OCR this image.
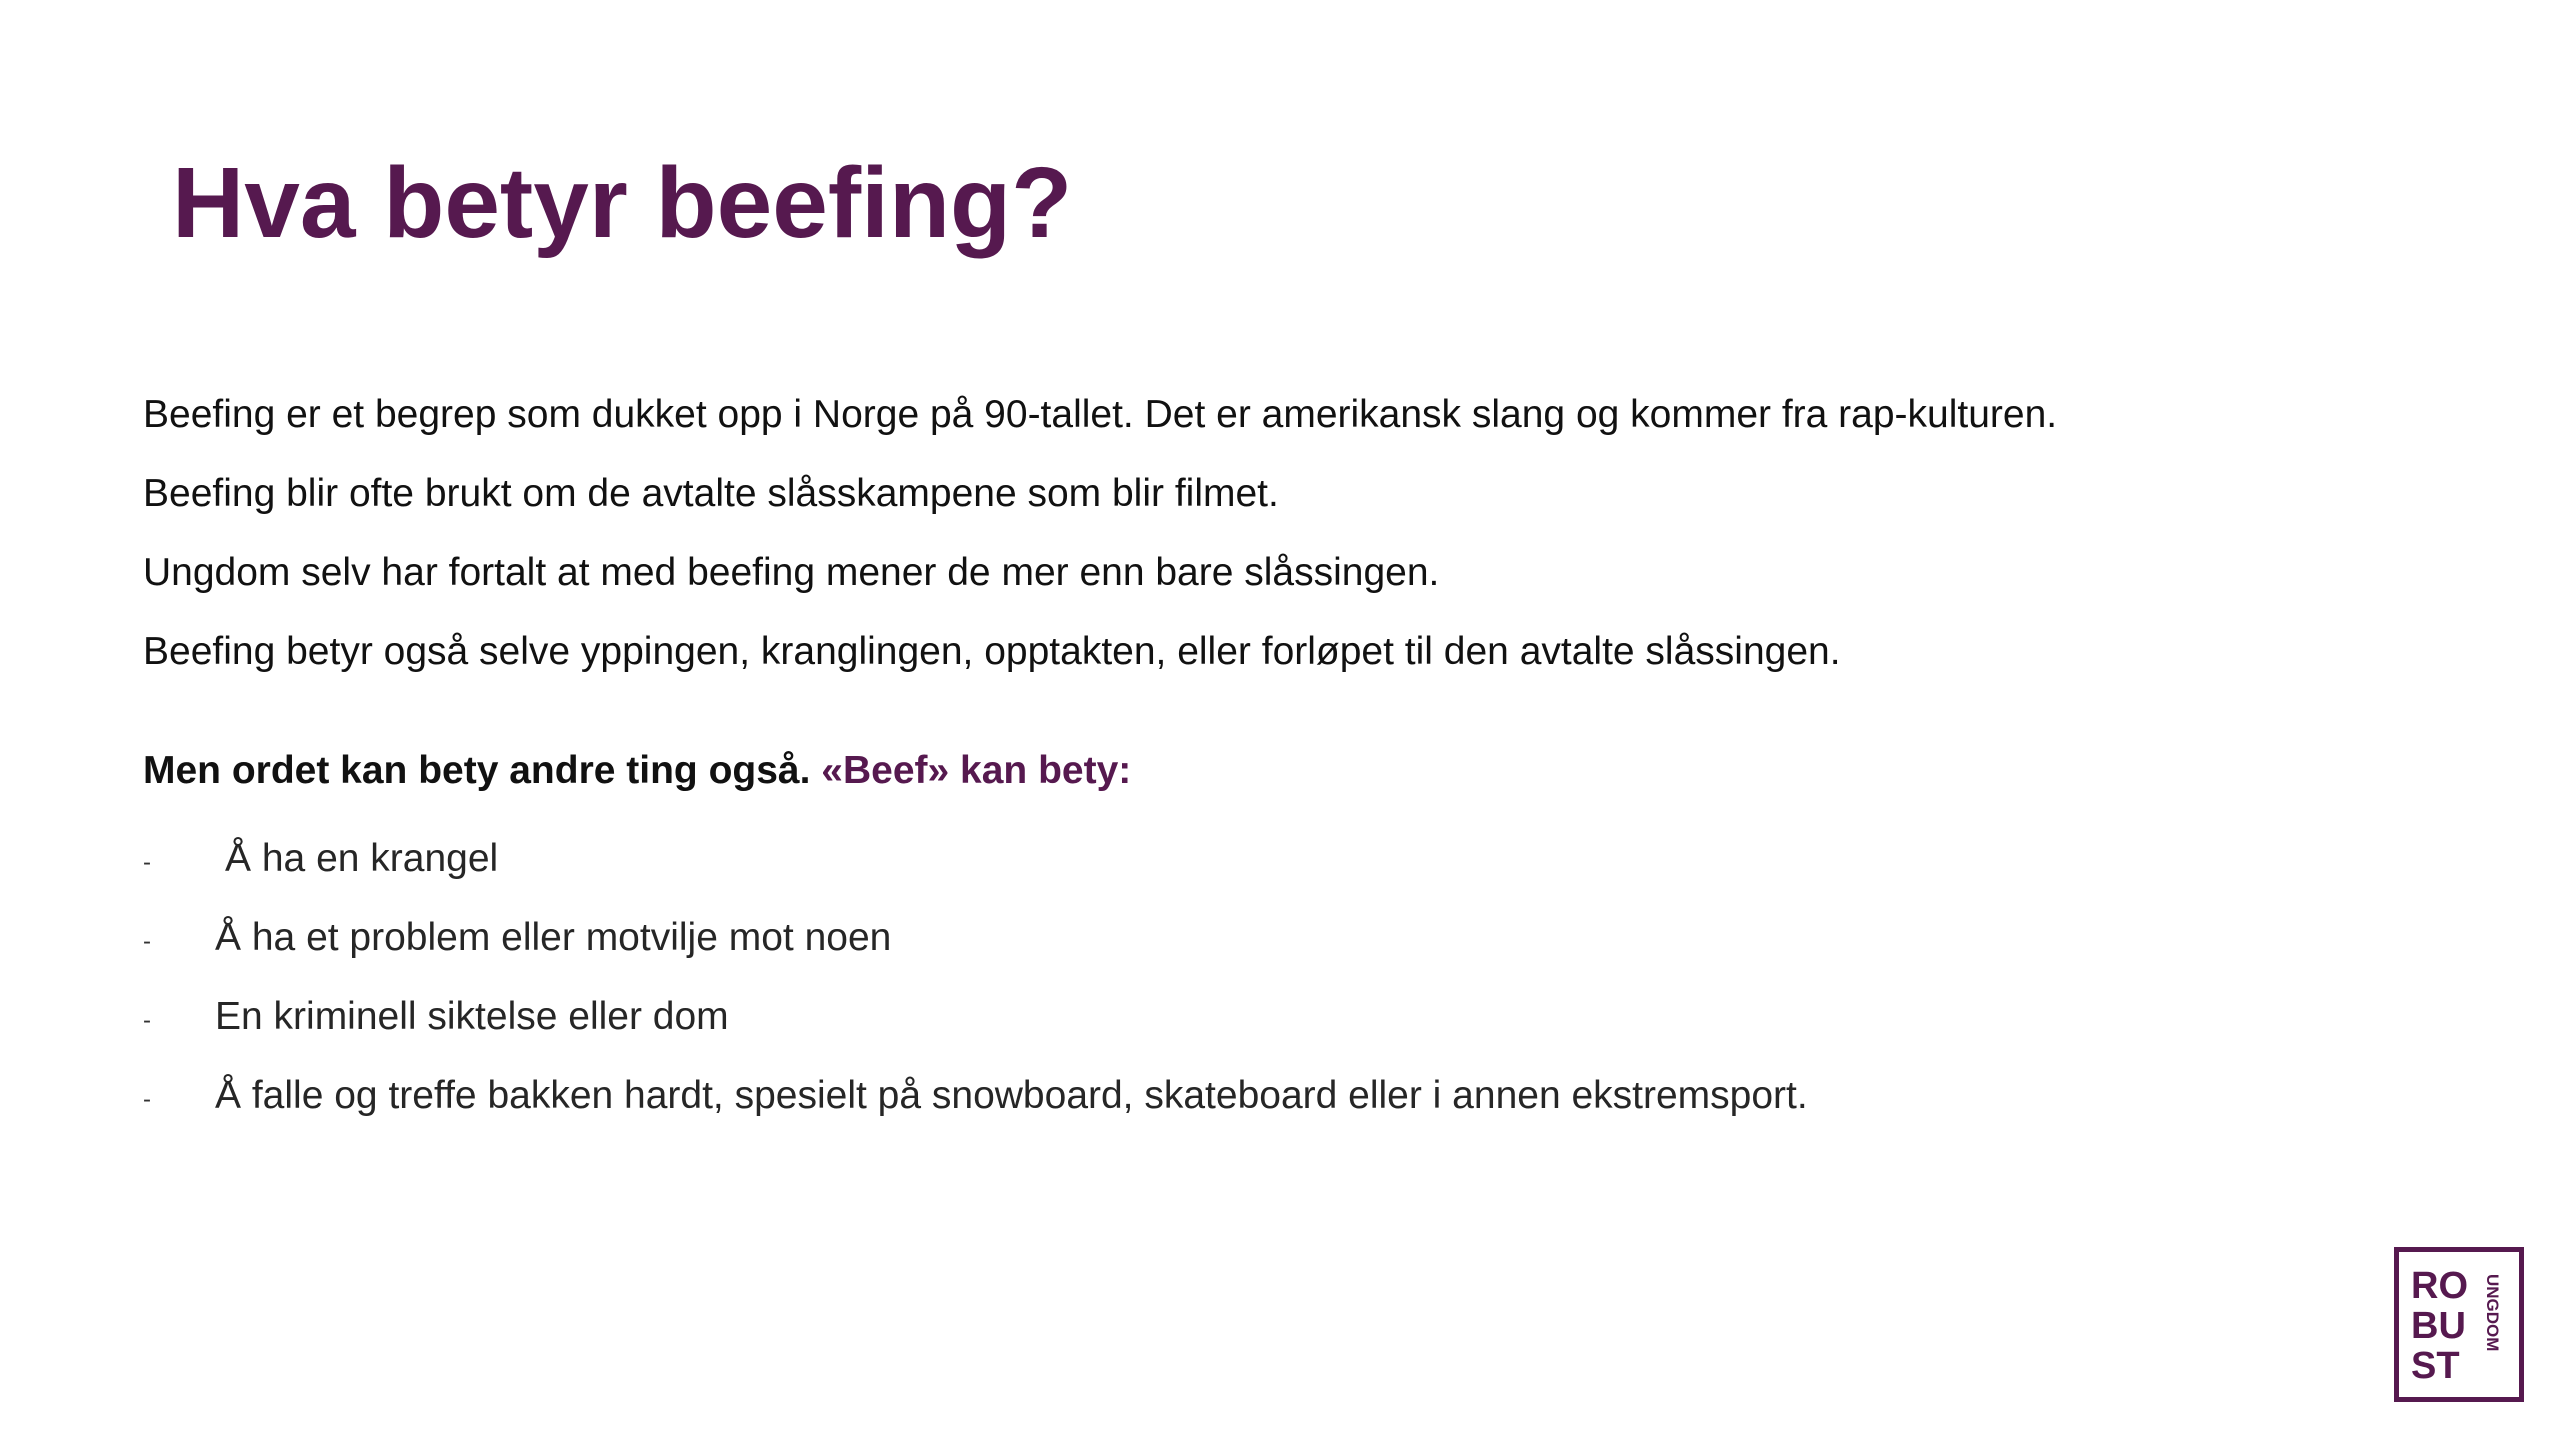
Hva betyr beefing?

Beefing er et begrep som dukket opp i Norge på 90-tallet. Det er amerikansk slang og kommer fra rap-kulturen.

Beefing blir ofte brukt om de avtalte slåsskampene som blir filmet.

Ungdom selv har fortalt at med beefing mener de mer enn bare slåssingen.

Beefing betyr også selve yppingen, kranglingen, opptakten, eller forløpet til den avtalte slåssingen.

Men ordet kan bety andre ting også. «Beef» kan bety:

- Å ha en krangel
- Å ha et problem eller motvilje mot noen
- En kriminell siktelse eller dom
- Å falle og treffe bakken hardt, spesielt på snowboard, skateboard eller i annen ekstremsport.
RO
BU
ST
UNGDOM
